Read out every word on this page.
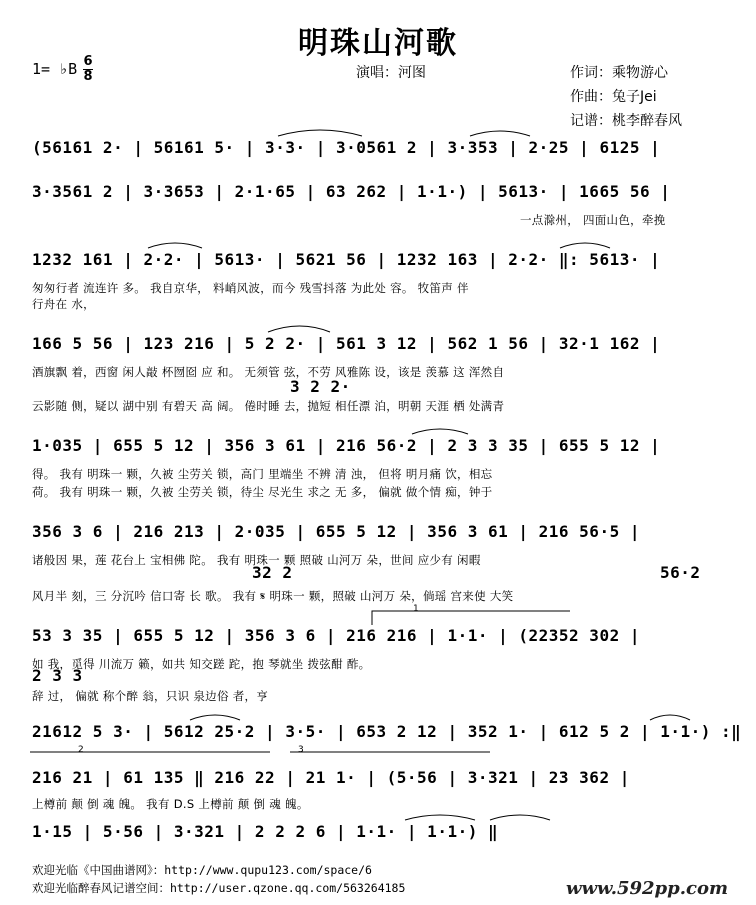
明珠山河歌
1= ♭B 6
8	演唱：河图	作词：乘物游心
作曲：兔子Jei
记谱：桃李醉春风
(56161 2· | 56161 5· | 3·3· | 3·0561 2 | 3·353 | 2·25 | 6125 |
3·3561 2 | 3·3653 | 2·1·65 | 63 262 | 1·1·) | 5613· | 1665 56 |
一点滁州， 四面山色，牵挽
1232 161 | 2·2· | 5613· | 5621 56 | 1232 163 | 2·2· ‖: 5613· |
匆匆行者 流连许 多。 我自京华， 料峭风波，而今 残雪抖落 为此处 容。 牧笛声 伴
行舟在 水，
166 5 56 | 123 216 | 5 2 2· | 561 3 12 | 562 1 56 | 32·1 162 |
酒旗飘 着，西窗 闲人敲 杯囫囵 应 和。 无须管 弦，不劳 风雅陈 设，该是 羡慕 这 浑然自
3 2 2·
云影随 侧，疑以 湖中别 有碧天 高 阔。 倦时睡 去，抛短 相任漂 泊，明朝 天涯 栖 处满青
1·035 | 655 5 12 | 356 3 61 | 216 56·2 | 2 3 3 35 | 655 5 12 |
得。 我有 明珠一 颗，久被 尘劳关 锁，高门 里端坐 不辨 清 浊， 但将 明月痛 饮，相忘
荷。 我有 明珠一 颗，久被 尘劳关 锁，待尘 尽光生 求之 无 多， 偏就 做个情 痴，钟于
356 3 6 | 216 213 | 2·035 | 655 5 12 | 356 3 61 | 216 56·5 |
诸般因 果，莲 花台上 宝相佛 陀。 我有 明珠一 颗 照破 山河万 朵，世间 应少有 闲暇
32 2	56·2
风月半 刻，三 分沉吟 信口寄 长 歌。 我有 𝄋 明珠一 颗，照破 山河万 朵，倘瑶 宫来使 大笑
53 3 35 | 655 5 12 | 356 3 6 | 216 216 | 1·1· | (22352 302 |
如 我，觅得 川流万 籁，如共 知交蹉 跎，抱 琴就坐 拨弦酣 酢。
2 3 3
辞 过， 偏就 称个醉 翁，只识 泉边俗 者，亨
21612 5 3· | 5612 25·2 | 3·5· | 653 2 12 | 352 1· | 612 5 2 | 1·1·) :‖
216 21 | 61 135 ‖ 216 22 | 21 1· | (5·56 | 3·321 | 23 362 |
上樽前 颠 倒 魂 魄。 我有 D.S 上樽前 颠 倒 魂 魄。
1·15 | 5·56 | 3·321 | 2 2 2 6 | 1·1· | 1·1·) ‖
1
2	3
欢迎光临《中国曲谱网》：http://www.qupu123.com/space/6
欢迎光临醉春风记谱空间：http://user.qzone.qq.com/563264185	www.592pp.com
